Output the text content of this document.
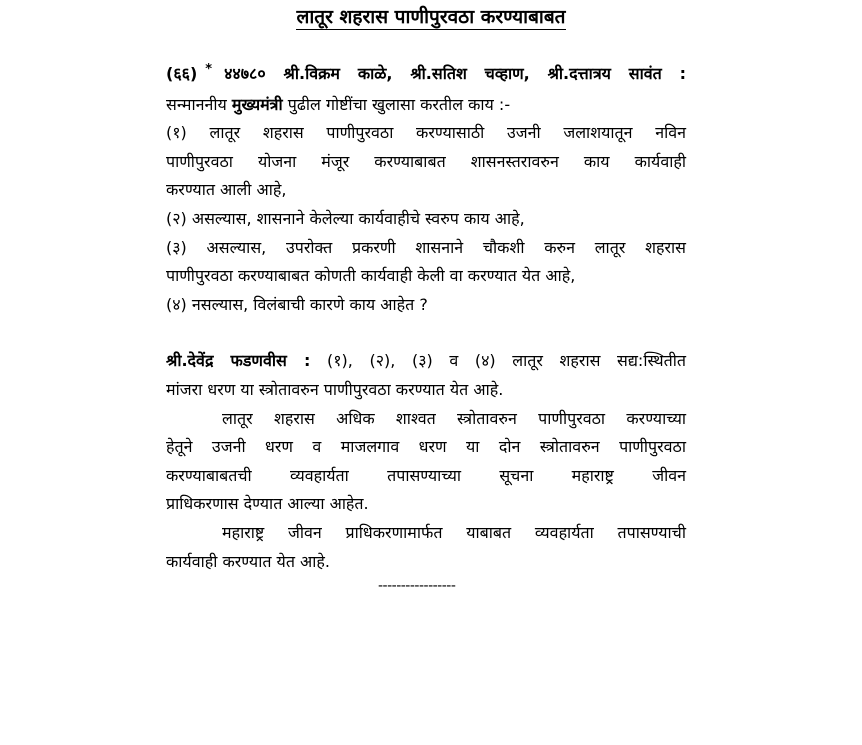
लातूर शहरास पाणीपुरवठा करण्याबाबत
(६६) * ४४७८० श्री.विक्रम काळे, श्री.सतिश चव्हाण, श्री.दत्तात्रय सावंत :
सन्माननीय मुख्यमंत्री पुढील गोष्टींचा खुलासा करतील काय :-
(१) लातूर शहरास पाणीपुरवठा करण्यासाठी उजनी जलाशयातून नविन
पाणीपुरवठा योजना मंजूर करण्याबाबत शासनस्तरावरुन काय कार्यवाही
करण्यात आली आहे,
(२) असल्यास, शासनाने केलेल्या कार्यवाहीचे स्वरुप काय आहे,
(३) असल्यास, उपरोक्त प्रकरणी शासनाने चौकशी करुन लातूर शहरास
पाणीपुरवठा करण्याबाबत कोणती कार्यवाही केली वा करण्यात येत आहे,
(४) नसल्यास, विलंबाची कारणे काय आहेत ?
श्री.देवेंद्र फडणवीस : (१), (२), (३) व (४) लातूर शहरास सद्य:स्थितीत
मांजरा धरण या स्त्रोतावरुन पाणीपुरवठा करण्यात येत आहे.
लातूर शहरास अधिक शाश्वत स्त्रोतावरुन पाणीपुरवठा करण्याच्या
हेतूने उजनी धरण व माजलगाव धरण या दोन स्त्रोतावरुन पाणीपुरवठा
करण्याबाबतची व्यवहार्यता तपासण्याच्या सूचना महाराष्ट्र जीवन
प्राधिकरणास देण्यात आल्या आहेत.
महाराष्ट्र जीवन प्राधिकरणामार्फत याबाबत व्यवहार्यता तपासण्याची
कार्यवाही करण्यात येत आहे.
-----------------
